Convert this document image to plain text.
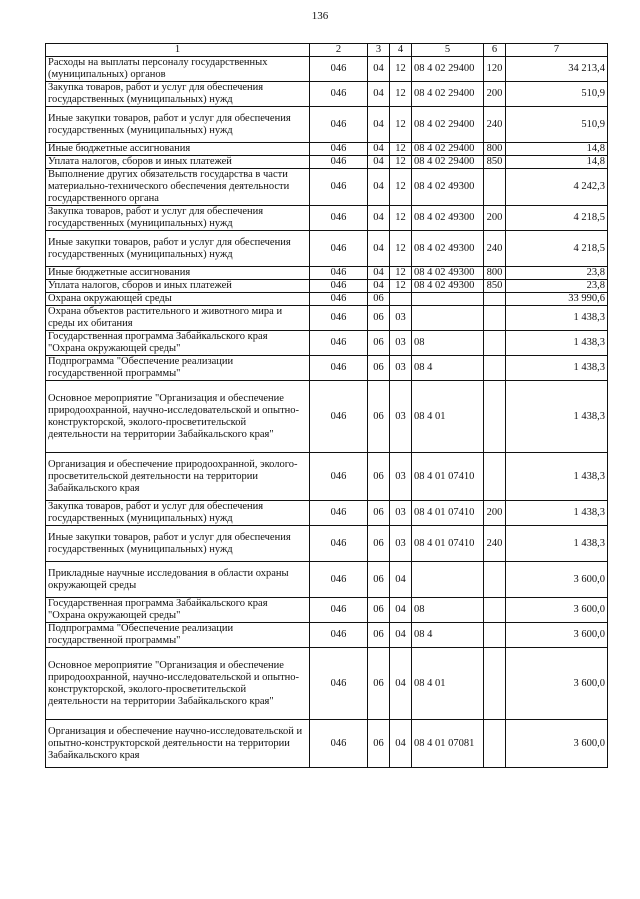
136
1	2	3	4	5	6	7
Расходы на выплаты персоналу государственных (муниципальных) органов	046	04	12	08 4 02 29400	120	34 213,4
Закупка товаров, работ и услуг для обеспечения государственных (муниципальных) нужд	046	04	12	08 4 02 29400	200	510,9
Иные закупки товаров, работ и услуг для обеспечения государственных (муниципальных) нужд	046	04	12	08 4 02 29400	240	510,9
Иные бюджетные ассигнования	046	04	12	08 4 02 29400	800	14,8
Уплата налогов, сборов и иных платежей	046	04	12	08 4 02 29400	850	14,8
Выполнение других обязательств государства в части материально-технического обеспечения деятельности государственного органа	046	04	12	08 4 02 49300		4 242,3
Закупка товаров, работ и услуг для обеспечения государственных (муниципальных) нужд	046	04	12	08 4 02 49300	200	4 218,5
Иные закупки товаров, работ и услуг для обеспечения государственных (муниципальных) нужд	046	04	12	08 4 02 49300	240	4 218,5
Иные бюджетные ассигнования	046	04	12	08 4 02 49300	800	23,8
Уплата налогов, сборов и иных платежей	046	04	12	08 4 02 49300	850	23,8
Охрана окружающей среды	046	06				33 990,6
Охрана объектов растительного и животного мира и среды их обитания	046	06	03			1 438,3
Государственная программа Забайкальского края "Охрана окружающей среды"	046	06	03	08		1 438,3
Подпрограмма "Обеспечение реализации государственной программы"	046	06	03	08 4		1 438,3
Основное мероприятие "Организация и обеспечение природоохранной, научно-исследовательской и опытно- конструкторской, эколого-просветительской деятельности на территории Забайкальского края"	046	06	03	08 4 01		1 438,3
Организация и обеспечение природоохранной, эколого-просветительской деятельности на территории Забайкальского края	046	06	03	08 4 01 07410		1 438,3
Закупка товаров, работ и услуг для обеспечения государственных (муниципальных) нужд	046	06	03	08 4 01 07410	200	1 438,3
Иные закупки товаров, работ и услуг для обеспечения государственных (муниципальных) нужд	046	06	03	08 4 01 07410	240	1 438,3
Прикладные научные исследования в области охраны окружающей среды	046	06	04			3 600,0
Государственная программа Забайкальского края "Охрана окружающей среды"	046	06	04	08		3 600,0
Подпрограмма "Обеспечение реализации государственной программы"	046	06	04	08 4		3 600,0
Основное мероприятие "Организация и обеспечение природоохранной, научно-исследовательской и опытно-конструкторской, эколого-просветительской деятельности на территории Забайкальского края"	046	06	04	08 4 01		3 600,0
Организация и обеспечение научно-исследовательской и опытно-конструкторской деятельности на территории Забайкальского края	046	06	04	08 4 01 07081		3 600,0
